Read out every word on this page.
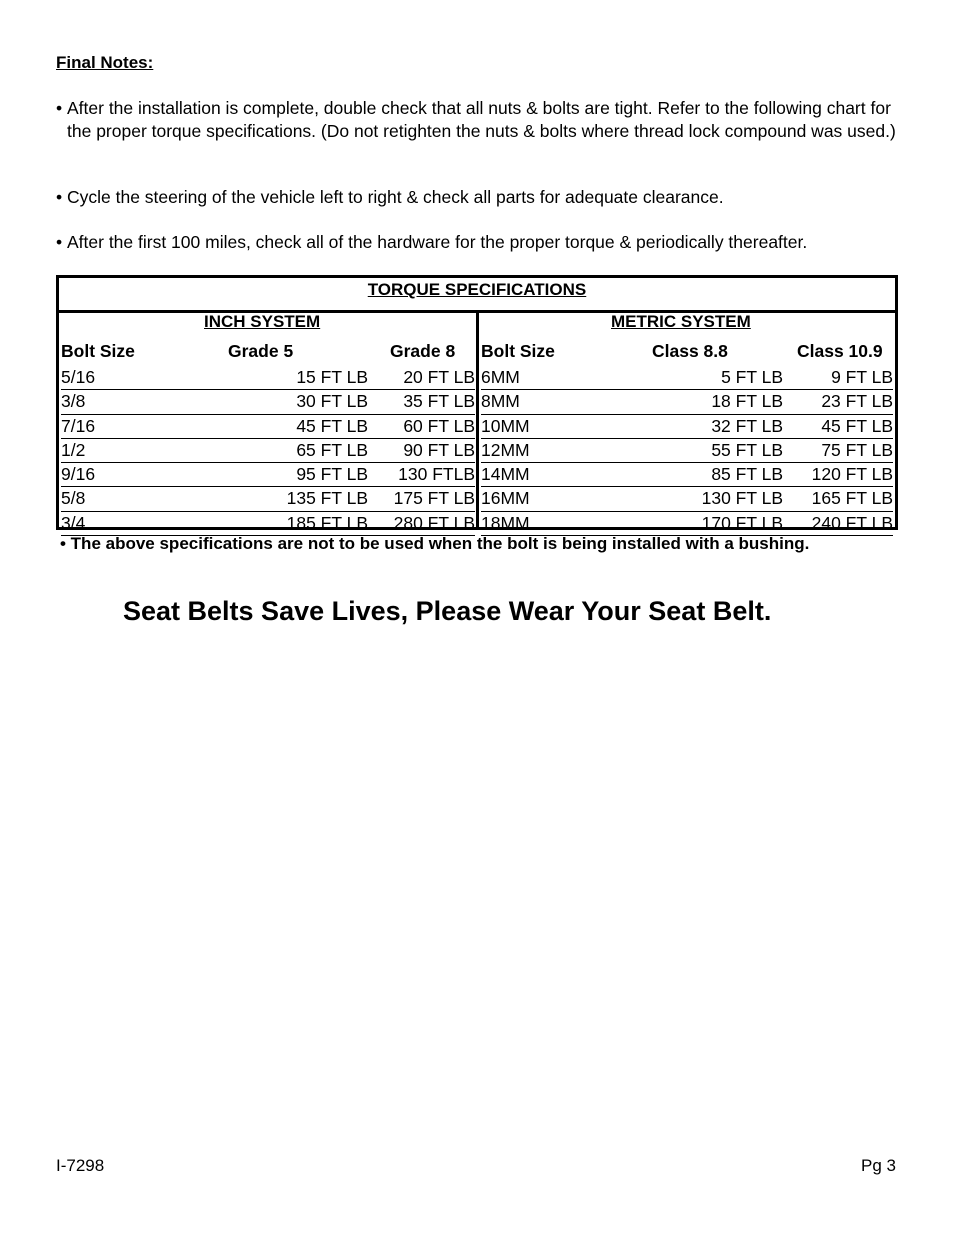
Final Notes:
• After the installation is complete, double check that all nuts & bolts are tight. Refer to the following chart for the proper torque specifications. (Do not retighten the nuts & bolts where thread lock compound was used.)
• Cycle the steering of the vehicle left to right & check all parts for adequate clearance.
• After the first 100 miles, check all of the hardware for the proper torque & periodically thereafter.
TORQUE SPECIFICATIONS
INCH SYSTEM
Bolt Size	Grade 5	Grade 8
5/16	15 FT LB 20 FT LB
3/8	30 FT LB 35 FT LB
7/16	45 FT LB 60 FT LB
1/2	65 FT LB 90 FT LB
9/16	95 FT LB 130 FTLB
5/8	135 FT LB 175 FT LB
3/4	185 FT LB 280 FT LB
METRIC SYSTEM
Bolt Size	Class 8.8	Class 10.9
6MM	5 FT LB	9 FT LB
8MM	18 FT LB 23 FT LB
10MM	32 FT LB 45 FT LB
12MM	55 FT LB 75 FT LB
14MM	85 FT LB 120 FT LB
16MM	130 FT LB 165 FT LB
18MM	170 FT LB 240 FT LB
• The above specifications are not to be used when the bolt is being installed with a bushing.
Seat Belts Save Lives, Please Wear Your Seat Belt.
I-7298	Pg 3
